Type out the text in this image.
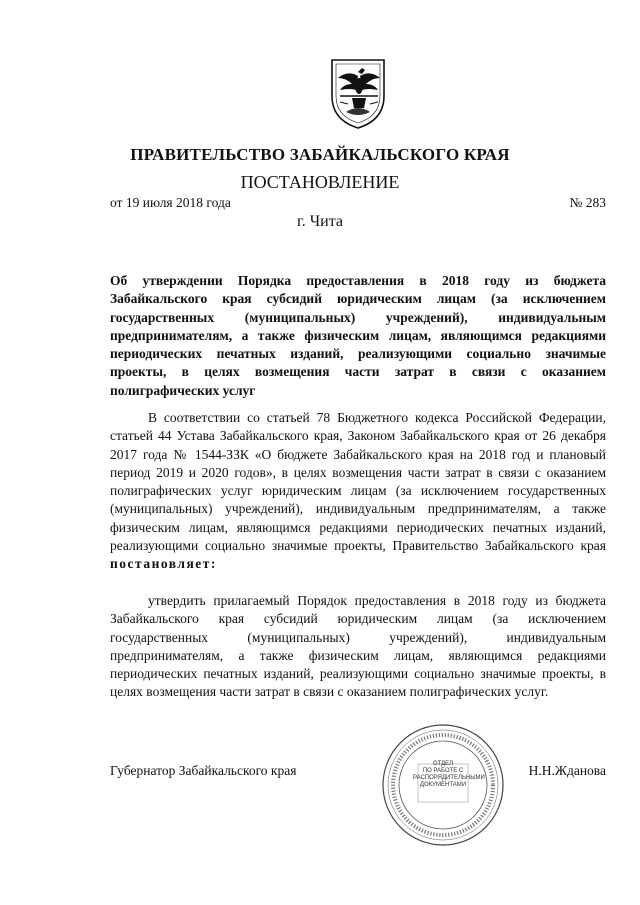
ПРАВИТЕЛЬСТВО ЗАБАЙКАЛЬСКОГО КРАЯ
ПОСТАНОВЛЕНИЕ
от 19 июля 2018 года	№ 283
г. Чита
Об утверждении Порядка предоставления в 2018 году из бюджета Забайкальского края субсидий юридическим лицам (за исключением государственных (муниципальных) учреждений), индивидуальным предпринимателям, а также физическим лицам, являющимся редакциями периодических печатных изданий, реализующими социально значимые проекты, в целях возмещения части затрат в связи с оказанием полиграфических услуг
В соответствии со статьей 78 Бюджетного кодекса Российской Федерации, статьей 44 Устава Забайкальского края, Законом Забайкальского края от 26 декабря 2017 года № 1544-ЗЗК «О бюджете Забайкальского края на 2018 год и плановый период 2019 и 2020 годов», в целях возмещения части затрат в связи с оказанием полиграфических услуг юридическим лицам (за исключением государственных (муниципальных) учреждений), индивидуальным предпринимателям, а также физическим лицам, являющимся редакциями периодических печатных изданий, реализующими социально значимые проекты, Правительство Забайкальского края постановляет:
утвердить прилагаемый Порядок предоставления в 2018 году из бюджета Забайкальского края субсидий юридическим лицам (за исключением государственных (муниципальных) учреждений), индивидуальным предпринимателям, а также физическим лицам, являющимся редакциями периодических печатных изданий, реализующими социально значимые проекты, в целях возмещения части затрат в связи с оказанием полиграфических услуг.
Губернатор Забайкальского края	ОТДЕЛ
ПО РАБОТЕ С
РАСПОРЯДИТЕЛЬНЫМИ
ДОКУМЕНТАМИ
Н.Н.Жданова
